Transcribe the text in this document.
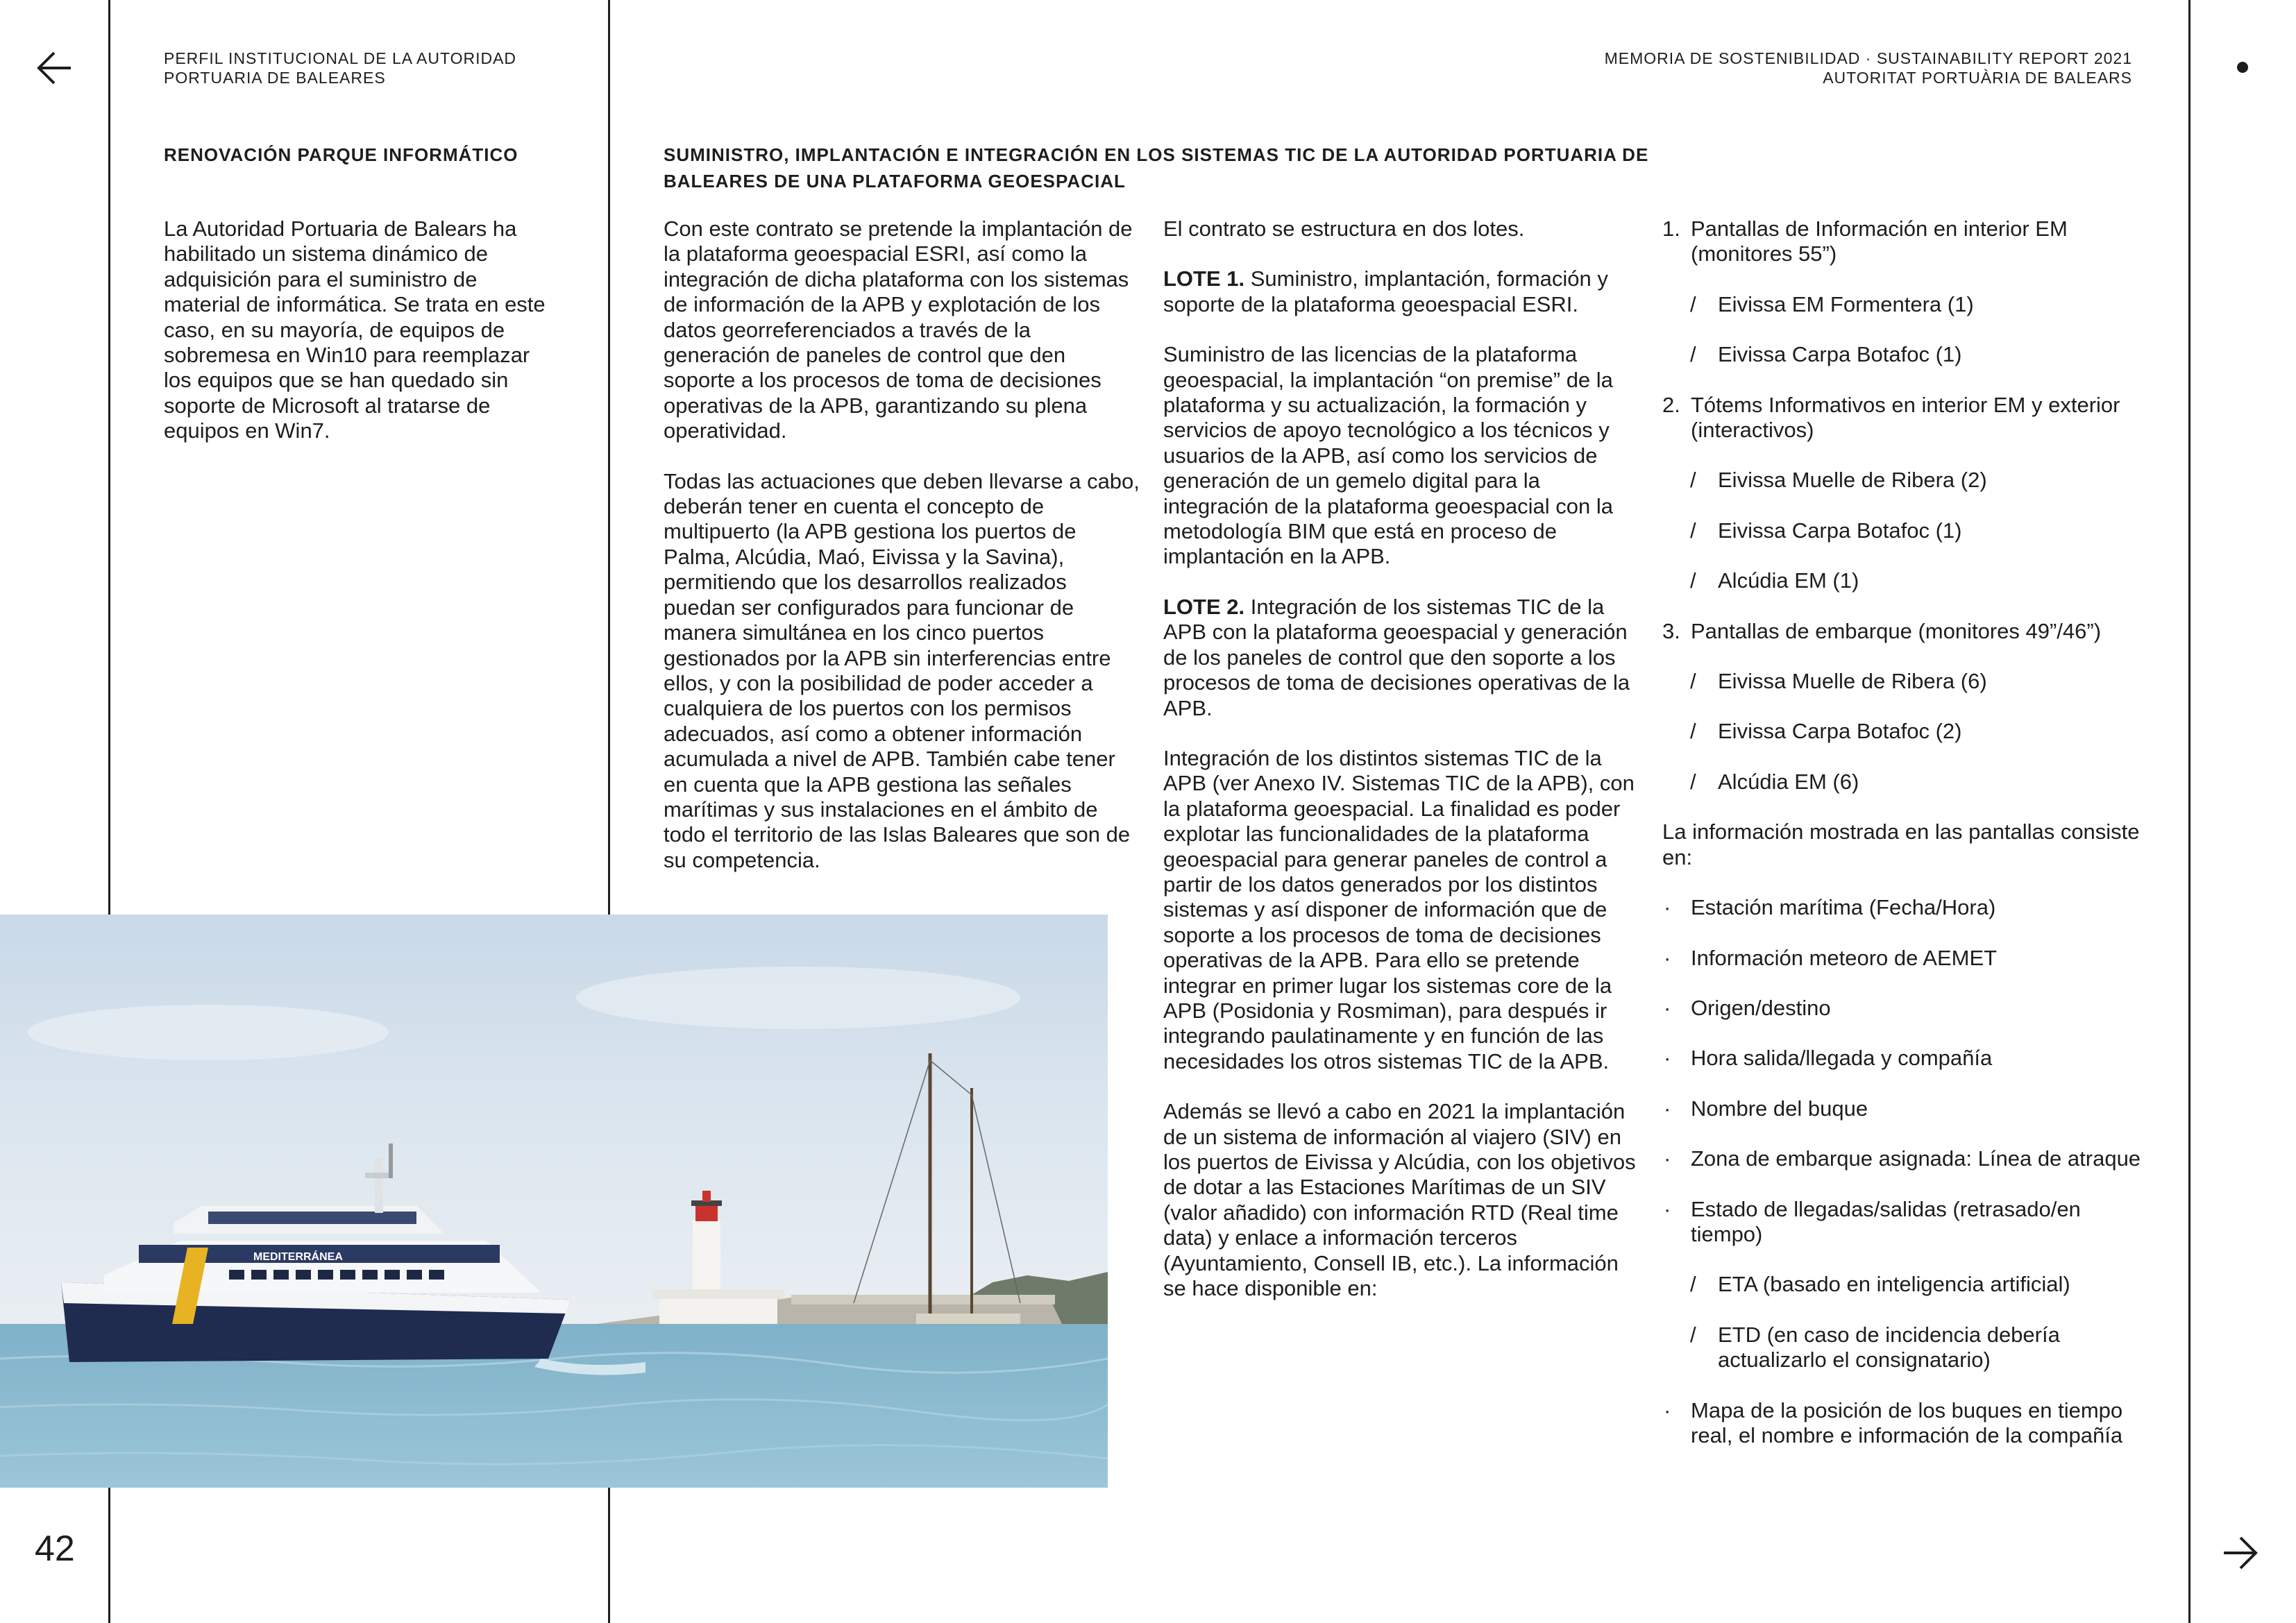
42
PERFIL INSTITUCIONAL DE LA AUTORIDAD
PORTUARIA DE BALEARES
MEMORIA DE SOSTENIBILIDAD · SUSTAINABILITY REPORT 2021
AUTORITAT PORTUÀRIA DE BALEARS
RENOVACIÓN PARQUE INFORMÁTICO

La Autoridad Portuaria de Balears ha habilitado un sistema dinámico de adquisición para el suministro de material de informática. Se trata en este caso, en su mayoría, de equipos de sobremesa en Win10 para reemplazar los equipos que se han quedado sin soporte de Microsoft al tratarse de equipos en Win7.

SUMINISTRO, IMPLANTACIÓN E INTEGRACIÓN EN LOS SISTEMAS TIC DE LA AUTORIDAD PORTUARIA DE BALEARES DE UNA PLATAFORMA GEOESPACIAL

Con este contrato se pretende la implantación de la plataforma geoespacial ESRI, así como la integración de dicha plataforma con los sistemas de información de la APB y explotación de los datos georreferenciados a través de la generación de paneles de control que den soporte a los procesos de toma de decisiones operativas de la APB, garantizando su plena operatividad.

Todas las actuaciones que deben llevarse a cabo, deberán tener en cuenta el concepto de multipuerto (la APB gestiona los puertos de Palma, Alcúdia, Maó, Eivissa y la Savina), permitiendo que los desarrollos realizados puedan ser configurados para funcionar de manera simultánea en los cinco puertos gestionados por la APB sin interferencias entre ellos, y con la posibilidad de poder acceder a cualquiera de los puertos con los permisos adecuados, así como a obtener información acumulada a nivel de APB. También cabe tener en cuenta que la APB gestiona las señales marítimas y sus instalaciones en el ámbito de todo el territorio de las Islas Baleares que son de su competencia.

El contrato se estructura en dos lotes.

LOTE 1. Suministro, implantación, formación y soporte de la plataforma geoespacial ESRI.

Suministro de las licencias de la plataforma geoespacial, la implantación “on premise” de la plataforma y su actualización, la formación y servicios de apoyo tecnológico a los técnicos y usuarios de la APB, así como los servicios de generación de un gemelo digital para la integración de la plataforma geoespacial con la metodología BIM que está en proceso de implantación en la APB.

LOTE 2. Integración de los sistemas TIC de la APB con la plataforma geoespacial y generación de los paneles de control que den soporte a los procesos de toma de decisiones operativas de la APB.

Integración de los distintos sistemas TIC de la APB (ver Anexo IV. Sistemas TIC de la APB), con la plataforma geoespacial. La finalidad es poder explotar las funcionalidades de la plataforma geoespacial para generar paneles de control a partir de los datos generados por los distintos sistemas y así disponer de información que de soporte a los procesos de toma de decisiones operativas de la APB. Para ello se pretende integrar en primer lugar los sistemas core de la APB (Posidonia y Rosmiman), para después ir integrando paulatinamente y en función de las necesidades los otros sistemas TIC de la APB.

Además se llevó a cabo en 2021 la implantación de un sistema de información al viajero (SIV) en los puertos de Eivissa y Alcúdia, con los objetivos de dotar a las Estaciones Marítimas de un SIV (valor añadido) con información RTD (Real time data) y enlace a información terceros (Ayuntamiento, Consell IB, etc.). La información se hace disponible en:

1. Pantallas de Información en interior EM (monitores 55”)
/ Eivissa EM Formentera (1)
/ Eivissa Carpa Botafoc (1)
2. Tótems Informativos en interior EM y exterior (interactivos)
/ Eivissa Muelle de Ribera (2)
/ Eivissa Carpa Botafoc (1)
/ Alcúdia EM (1)
3. Pantallas de embarque (monitores 49”/46”)
/ Eivissa Muelle de Ribera (6)
/ Eivissa Carpa Botafoc (2)
/ Alcúdia EM (6)

La información mostrada en las pantallas consiste en:

· Estación marítima (Fecha/Hora)
· Información meteoro de AEMET
· Origen/destino
· Hora salida/llegada y compañía
· Nombre del buque
· Zona de embarque asignada: Línea de atraque
· Estado de llegadas/salidas (retrasado/en tiempo)
/ ETA (basado en inteligencia artificial)
/ ETD (en caso de incidencia debería actualizarlo el consignatario)
· Mapa de la posición de los buques en tiempo real, el nombre e información de la compañía
MEDITERRÁNEA
IBIZA · FORMENTERA
